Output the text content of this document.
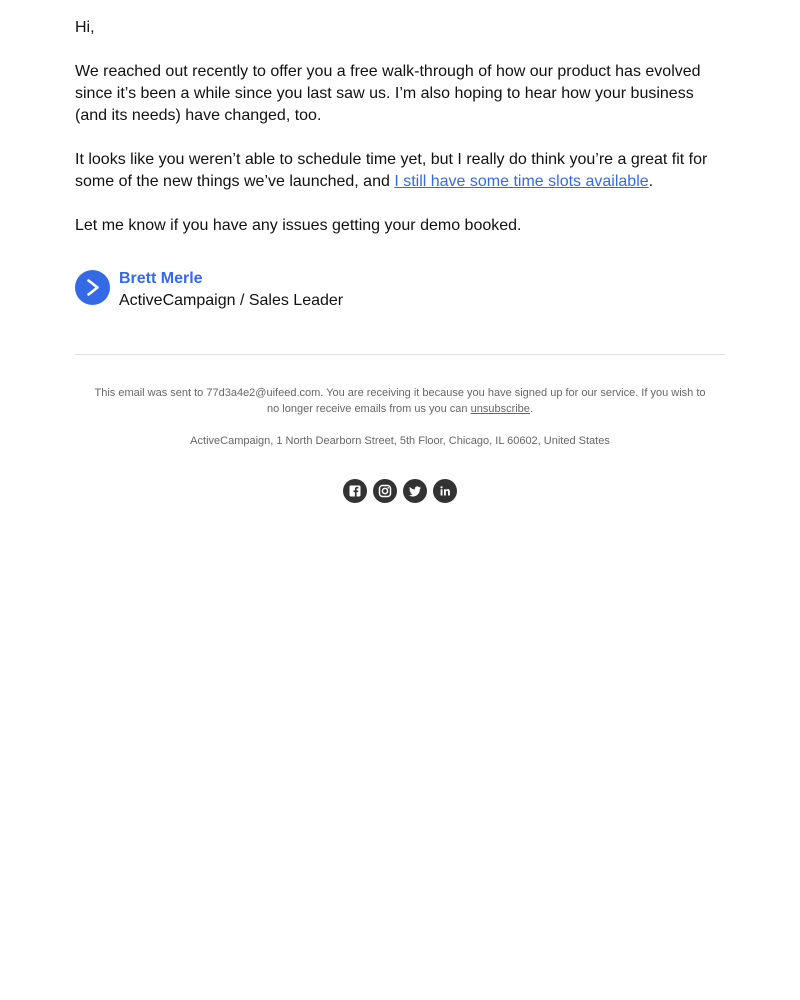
Hi,

We reached out recently to offer you a free walk-through of how our product has evolved since it’s been a while since you last saw us. I’m also hoping to hear how your business (and its needs) have changed, too.

It looks like you weren’t able to schedule time yet, but I really do think you’re a great fit for some of the new things we’ve launched, and I still have some time slots available.

Let me know if you have any issues getting your demo booked.

Brett Merle
ActiveCampaign / Sales Leader

This email was sent to 77d3a4e2@uifeed.com. You are receiving it because you have signed up for our service. If you wish to no longer receive emails from us you can unsubscribe.

ActiveCampaign, 1 North Dearborn Street, 5th Floor, Chicago, IL 60602, United States
